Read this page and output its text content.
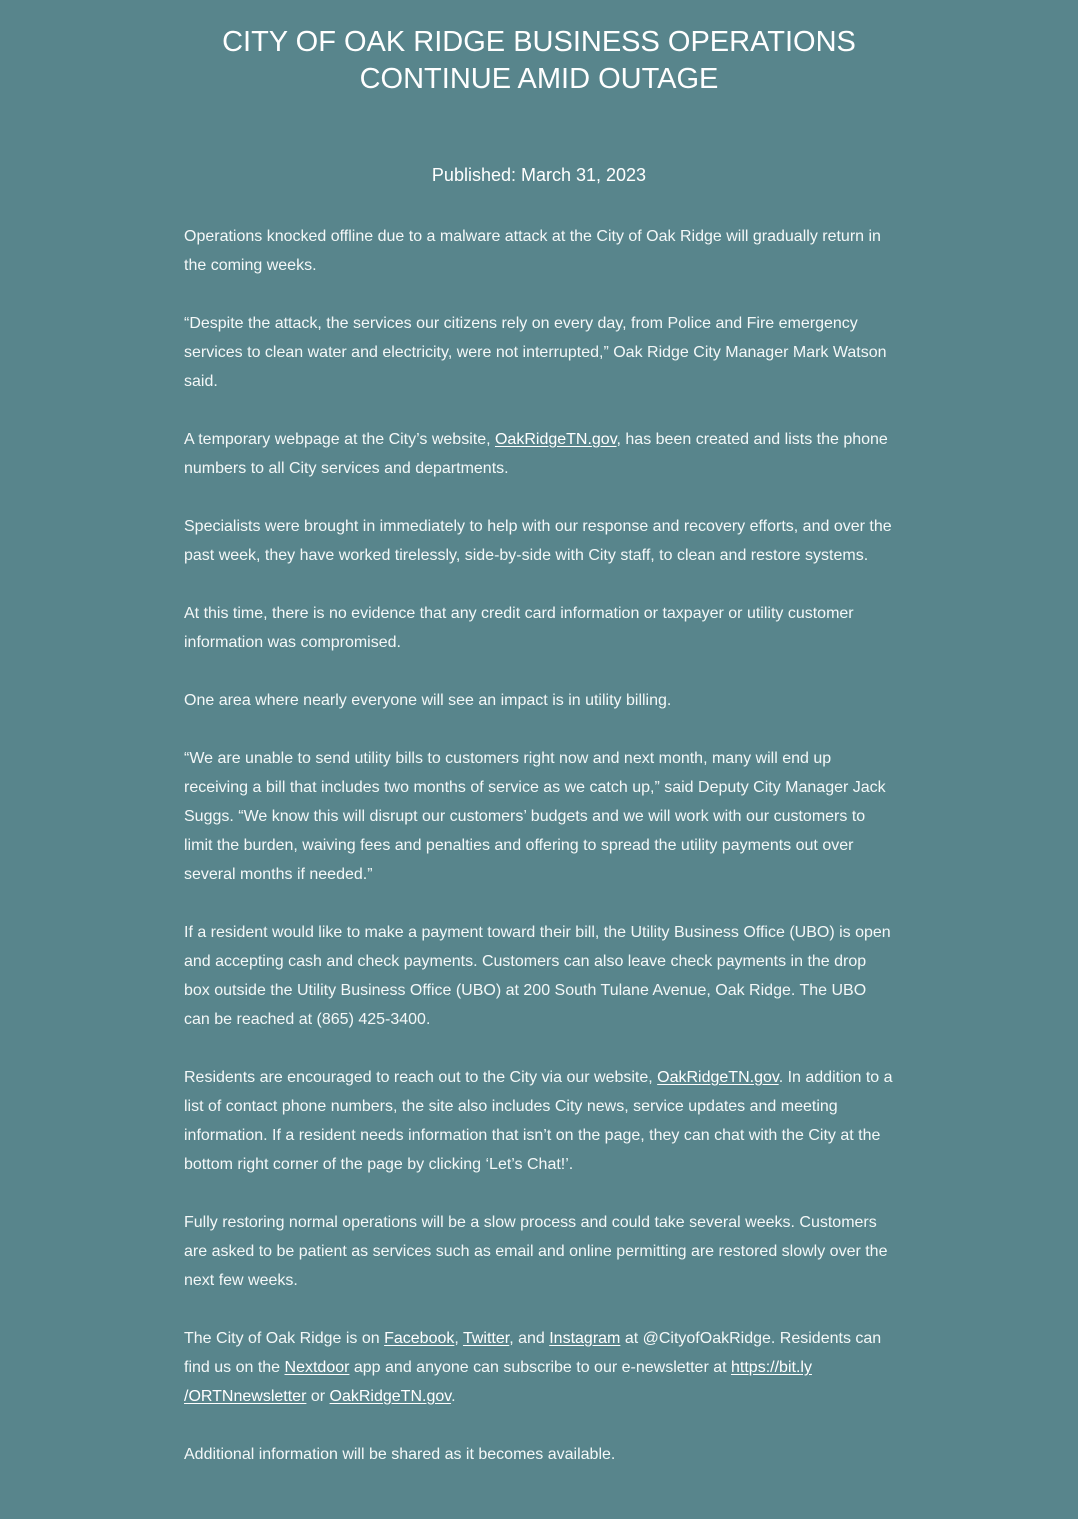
CITY OF OAK RIDGE BUSINESS OPERATIONS
CONTINUE AMID OUTAGE

Published: March 31, 2023

Operations knocked offline due to a malware attack at the City of Oak Ridge will gradually return in the coming weeks.

“Despite the attack, the services our citizens rely on every day, from Police and Fire emergency services to clean water and electricity, were not interrupted,” Oak Ridge City Manager Mark Watson said.

A temporary webpage at the City’s website, OakRidgeTN.gov, has been created and lists the phone numbers to all City services and departments.

Specialists were brought in immediately to help with our response and recovery efforts, and over the past week, they have worked tirelessly, side-by-side with City staff, to clean and restore systems.

At this time, there is no evidence that any credit card information or taxpayer or utility customer information was compromised.

One area where nearly everyone will see an impact is in utility billing.

“We are unable to send utility bills to customers right now and next month, many will end up receiving a bill that includes two months of service as we catch up,” said Deputy City Manager Jack Suggs. “We know this will disrupt our customers’ budgets and we will work with our customers to limit the burden, waiving fees and penalties and offering to spread the utility payments out over several months if needed.”

If a resident would like to make a payment toward their bill, the Utility Business Office (UBO) is open and accepting cash and check payments. Customers can also leave check payments in the drop box outside the Utility Business Office (UBO) at 200 South Tulane Avenue, Oak Ridge. The UBO can be reached at (865) 425-3400.

Residents are encouraged to reach out to the City via our website, OakRidgeTN.gov. In addition to a list of contact phone numbers, the site also includes City news, service updates and meeting information. If a resident needs information that isn’t on the page, they can chat with the City at the bottom right corner of the page by clicking ‘Let’s Chat!’.

Fully restoring normal operations will be a slow process and could take several weeks. Customers are asked to be patient as services such as email and online permitting are restored slowly over the next few weeks.

The City of Oak Ridge is on Facebook, Twitter, and Instagram at @CityofOakRidge. Residents can find us on the Nextdoor app and anyone can subscribe to our e-newsletter at https://bit.ly
/ORTNnewsletter or OakRidgeTN.gov.

Additional information will be shared as it becomes available.
